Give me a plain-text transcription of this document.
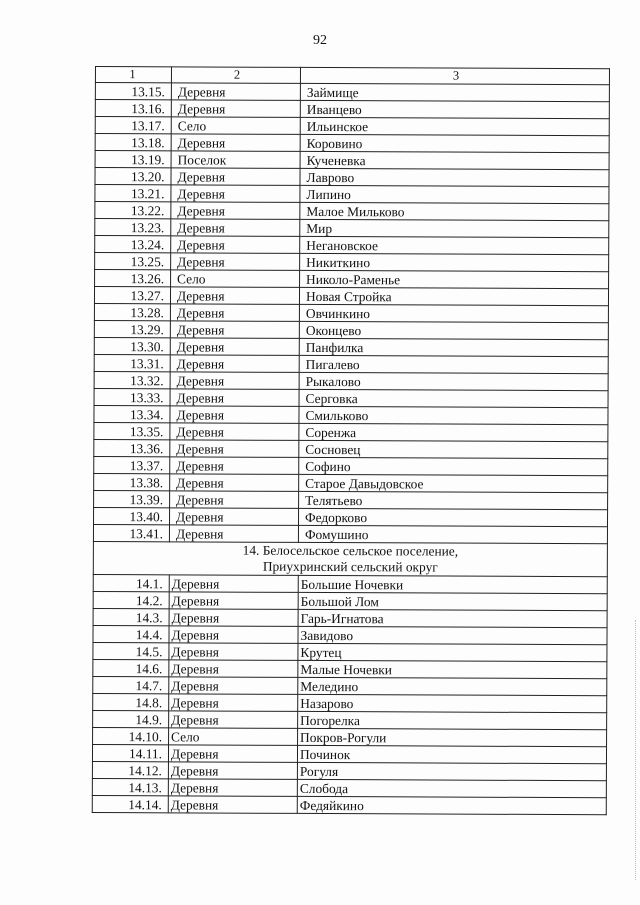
92
1	2	3
13.15.	Деревня	Займище
13.16.	Деревня	Иванцево
13.17.	Село	Ильинское
13.18.	Деревня	Коровино
13.19.	Поселок	Кученевка
13.20.	Деревня	Лаврово
13.21.	Деревня	Липино
13.22.	Деревня	Малое Мильково
13.23.	Деревня	Мир
13.24.	Деревня	Негановское
13.25.	Деревня	Никиткино
13.26.	Село	Николо-Раменье
13.27.	Деревня	Новая Стройка
13.28.	Деревня	Овчинкино
13.29.	Деревня	Оконцево
13.30.	Деревня	Панфилка
13.31.	Деревня	Пигалево
13.32.	Деревня	Рыкалово
13.33.	Деревня	Серговка
13.34.	Деревня	Смильково
13.35.	Деревня	Соренжа
13.36.	Деревня	Сосновец
13.37.	Деревня	Софино
13.38.	Деревня	Старое Давыдовское
13.39.	Деревня	Телятьево
13.40.	Деревня	Федорково
13.41.	Деревня	Фомушино

14. Белосельское сельское поселение,
Приухринский сельский округ		

14.1.	Деревня	Большие Ночевки
14.2.	Деревня	Большой Лом
14.3.	Деревня	Гарь-Игнатова
14.4.	Деревня	Завидово
14.5.	Деревня	Крутец
14.6.	Деревня	Малые Ночевки
14.7.	Деревня	Меледино
14.8.	Деревня	Назарово
14.9.	Деревня	Погорелка
14.10.	Село	Покров-Рогули
14.11.	Деревня	Починок
14.12.	Деревня	Рогуля
14.13.	Деревня	Слобода
14.14.	Деревня	Федяйкино
